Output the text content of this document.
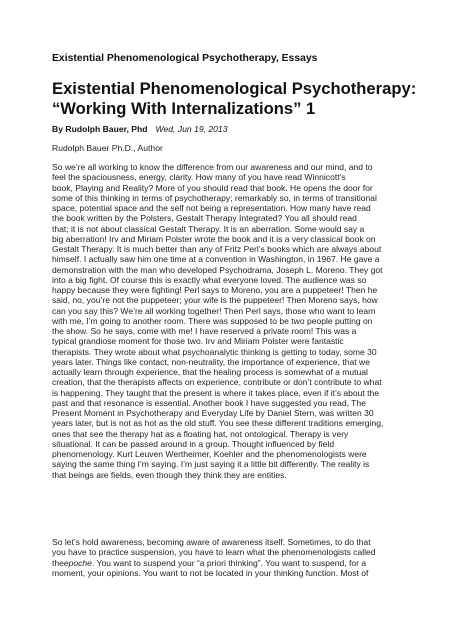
Existential Phenomenological Psychotherapy, Essays
Existential Phenomenological Psychotherapy:
“Working With Internalizations” 1
By Rudolph Bauer, Phd Wed, Jun 19, 2013
Rudolph Bauer Ph.D., Author
So we’re all working to know the difference from our awareness and our mind, and to
feel the spaciousness, energy, clarity. How many of you have read Winnicott’s
book, Playing and Reality? More of you should read that book. He opens the door for
some of this thinking in terms of psychotherapy; remarkably so, in terms of transitional
space, potential space and the self not being a representation. How many have read
the book written by the Polsters, Gestalt Therapy Integrated? You all should read
that; it is not about classical Gestalt Therapy. It is an aberration. Some would say a
big aberration! Irv and Miriam Polster wrote the book and it is a very classical book on
Gestalt Therapy. It is much better than any of Fritz Perl’s books which are always about
himself. I actually saw him one time at a convention in Washington, in 1967. He gave a
demonstration with the man who developed Psychodrama, Joseph L. Moreno. They got
into a big fight. Of course this is exactly what everyone loved. The audience was so
happy because they were fighting! Perl says to Moreno, you are a puppeteer! Then he
said, no, you’re not the puppeteer; your wife is the puppeteer! Then Moreno says, how
can you say this? We’re all working together! Then Perl says, those who want to learn
with me, I’m going to another room. There was supposed to be two people putting on
the show. So he says, come with me! I have reserved a private room! This was a
typical grandiose moment for those two. Irv and Miriam Polster were fantastic
therapists. They wrote about what psychoanalytic thinking is getting to today, some 30
years later. Things like contact, non-neutrality, the importance of experience, that we
actually learn through experience, that the healing process is somewhat of a mutual
creation, that the therapists affects on experience, contribute or don’t contribute to what
is happening. They taught that the present is where it takes place, even if it’s about the
past and that resonance is essential. Another book I have suggested you read, The
Present Moment in Psychotherapy and Everyday Life by Daniel Stern, was written 30
years later, but is not as hot as the old stuff. You see these different traditions emerging,
ones that see the therapy hat as a floating hat, not ontological. Therapy is very
situational. It can be passed around in a group. Thought influenced by field
phenomenology. Kurt Leuven Wertheimer, Koehler and the phenomenologists were
saying the same thing I’m saying. I’m just saying it a little bit differently. The reality is
that beings are fields, even though they think they are entities.
So let’s hold awareness, becoming aware of awareness itself. Sometimes, to do that
you have to practice suspension, you have to learn what the phenomenologists called
theepoche. You want to suspend your “a priori thinking”. You want to suspend, for a
moment, your opinions. You want to not be located in your thinking function. Most of
